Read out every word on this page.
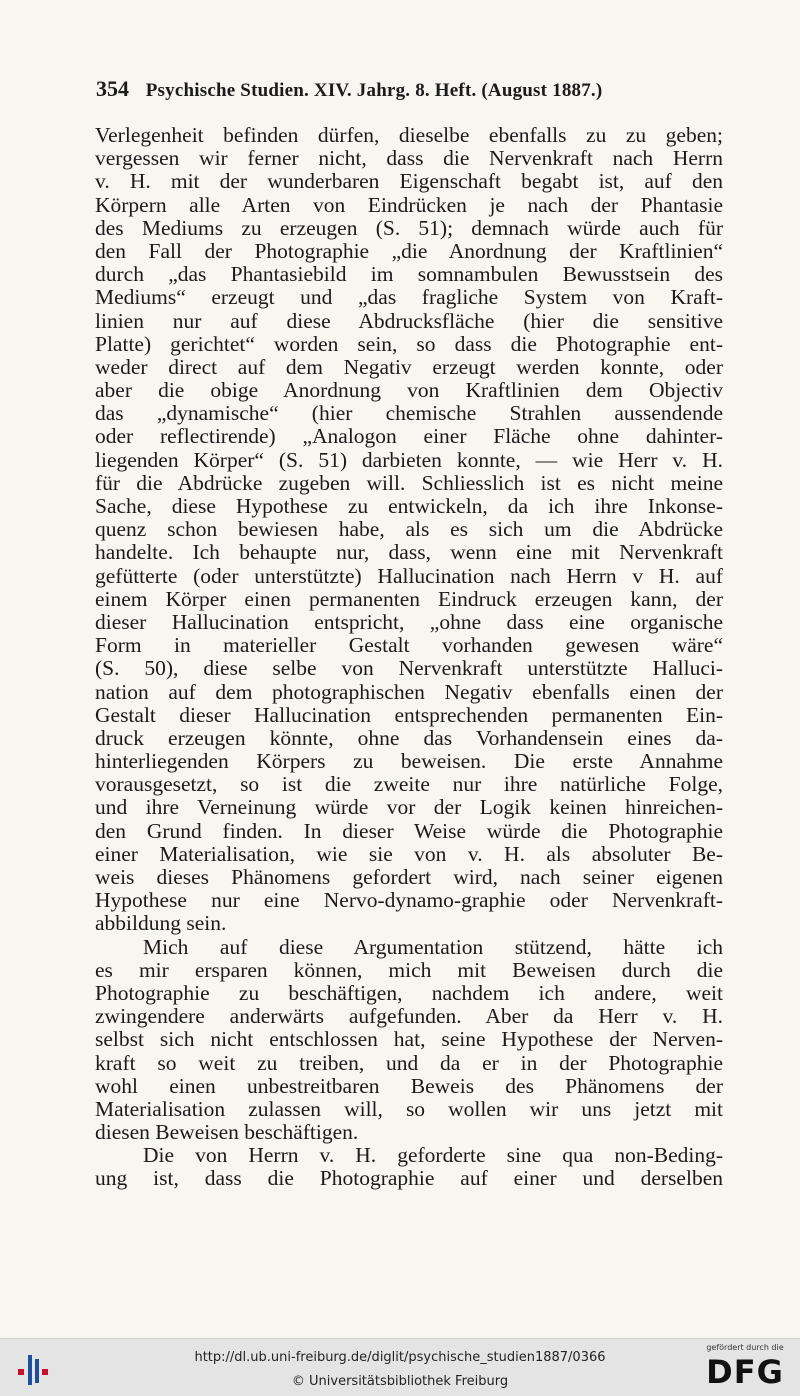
354 Psychische Studien. XIV. Jahrg. 8. Heft. (August 1887.)
Verlegenheit befinden dürfen, dieselbe ebenfalls zu zu geben;
vergessen wir ferner nicht, dass die Nervenkraft nach Herrn
v. H. mit der wunderbaren Eigenschaft begabt ist, auf den
Körpern alle Arten von Eindrücken je nach der Phantasie
des Mediums zu erzeugen (S. 51); demnach würde auch für
den Fall der Photographie „die Anordnung der Kraftlinien“
durch „das Phantasiebild im somnambulen Bewusstsein des
Mediums“ erzeugt und „das fragliche System von Kraft-
linien nur auf diese Abdrucksfläche (hier die sensitive
Platte) gerichtet“ worden sein, so dass die Photographie ent-
weder direct auf dem Negativ erzeugt werden konnte, oder
aber die obige Anordnung von Kraftlinien dem Objectiv
das „dynamische“ (hier chemische Strahlen aussendende
oder reflectirende) „Analogon einer Fläche ohne dahinter-
liegenden Körper“ (S. 51) darbieten konnte, — wie Herr v. H.
für die Abdrücke zugeben will. Schliesslich ist es nicht meine
Sache, diese Hypothese zu entwickeln, da ich ihre Inkonse-
quenz schon bewiesen habe, als es sich um die Abdrücke
handelte. Ich behaupte nur, dass, wenn eine mit Nervenkraft
gefütterte (oder unterstützte) Hallucination nach Herrn v H. auf
einem Körper einen permanenten Eindruck erzeugen kann, der
dieser Hallucination entspricht, „ohne dass eine organische
Form in materieller Gestalt vorhanden gewesen wäre“
(S. 50), diese selbe von Nervenkraft unterstützte Halluci-
nation auf dem photographischen Negativ ebenfalls einen der
Gestalt dieser Hallucination entsprechenden permanenten Ein-
druck erzeugen könnte, ohne das Vorhandensein eines da-
hinterliegenden Körpers zu beweisen. Die erste Annahme
vorausgesetzt, so ist die zweite nur ihre natürliche Folge,
und ihre Verneinung würde vor der Logik keinen hinreichen-
den Grund finden. In dieser Weise würde die Photographie
einer Materialisation, wie sie von v. H. als absoluter Be-
weis dieses Phänomens gefordert wird, nach seiner eigenen
Hypothese nur eine Nervo-dynamo-graphie oder Nervenkraft-
abbildung sein.
Mich auf diese Argumentation stützend, hätte ich
es mir ersparen können, mich mit Beweisen durch die
Photographie zu beschäftigen, nachdem ich andere, weit
zwingendere anderwärts aufgefunden. Aber da Herr v. H.
selbst sich nicht entschlossen hat, seine Hypothese der Nerven-
kraft so weit zu treiben, und da er in der Photographie
wohl einen unbestreitbaren Beweis des Phänomens der
Materialisation zulassen will, so wollen wir uns jetzt mit
diesen Beweisen beschäftigen.
Die von Herrn v. H. geforderte sine qua non-Beding-
ung ist, dass die Photographie auf einer und derselben
http://dl.ub.uni-freiburg.de/diglit/psychische_studien1887/0366
© Universitätsbibliothek Freiburg
gefördert durch die
DFG
